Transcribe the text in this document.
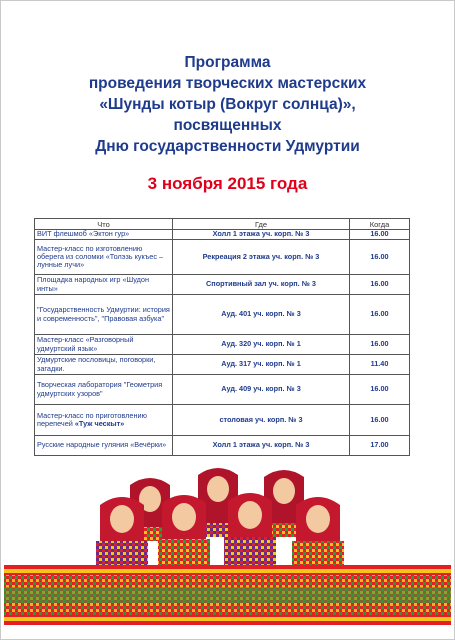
Программа
проведения творческих мастерских
«Шунды котыр (Вокруг солнца)»,
посвященных
Дню государственности Удмуртии
3 ноября 2015 года
Что	Где	Когда
ВИТ флешмоб «Эктон гур»	Холл 1 этажа уч. корп. № 3	16.00
Мастер-класс по изготовлению оберега из соломки «Толэзь кукъес – лунные лучи»	Рекреация 2 этажа уч. корп. № 3	16.00
Площадка народных игр «Шудон инты»	Спортивный зал уч. корп. № 3	16.00
"Государственность Удмуртии: история и современность", "Правовая азбука"	Ауд. 401 уч. корп. № 3	16.00
Мастер-класс «Разговорный удмуртский язык»	Ауд. 320 уч. корп. № 1	16.00
Удмуртские пословицы, поговорки, загадки.	Ауд. 317 уч. корп. № 1	11.40
Творческая лаборатория "Геометрия удмуртских узоров"	Ауд. 409 уч. корп. № 3	16.00
Мастер-класс по приготовлению перепечей «Туж ческыт»	столовая уч. корп. № 3	16.00
Русские народные гуляния «Вечёрки»	Холл 1 этажа уч. корп. № 3	17.00
